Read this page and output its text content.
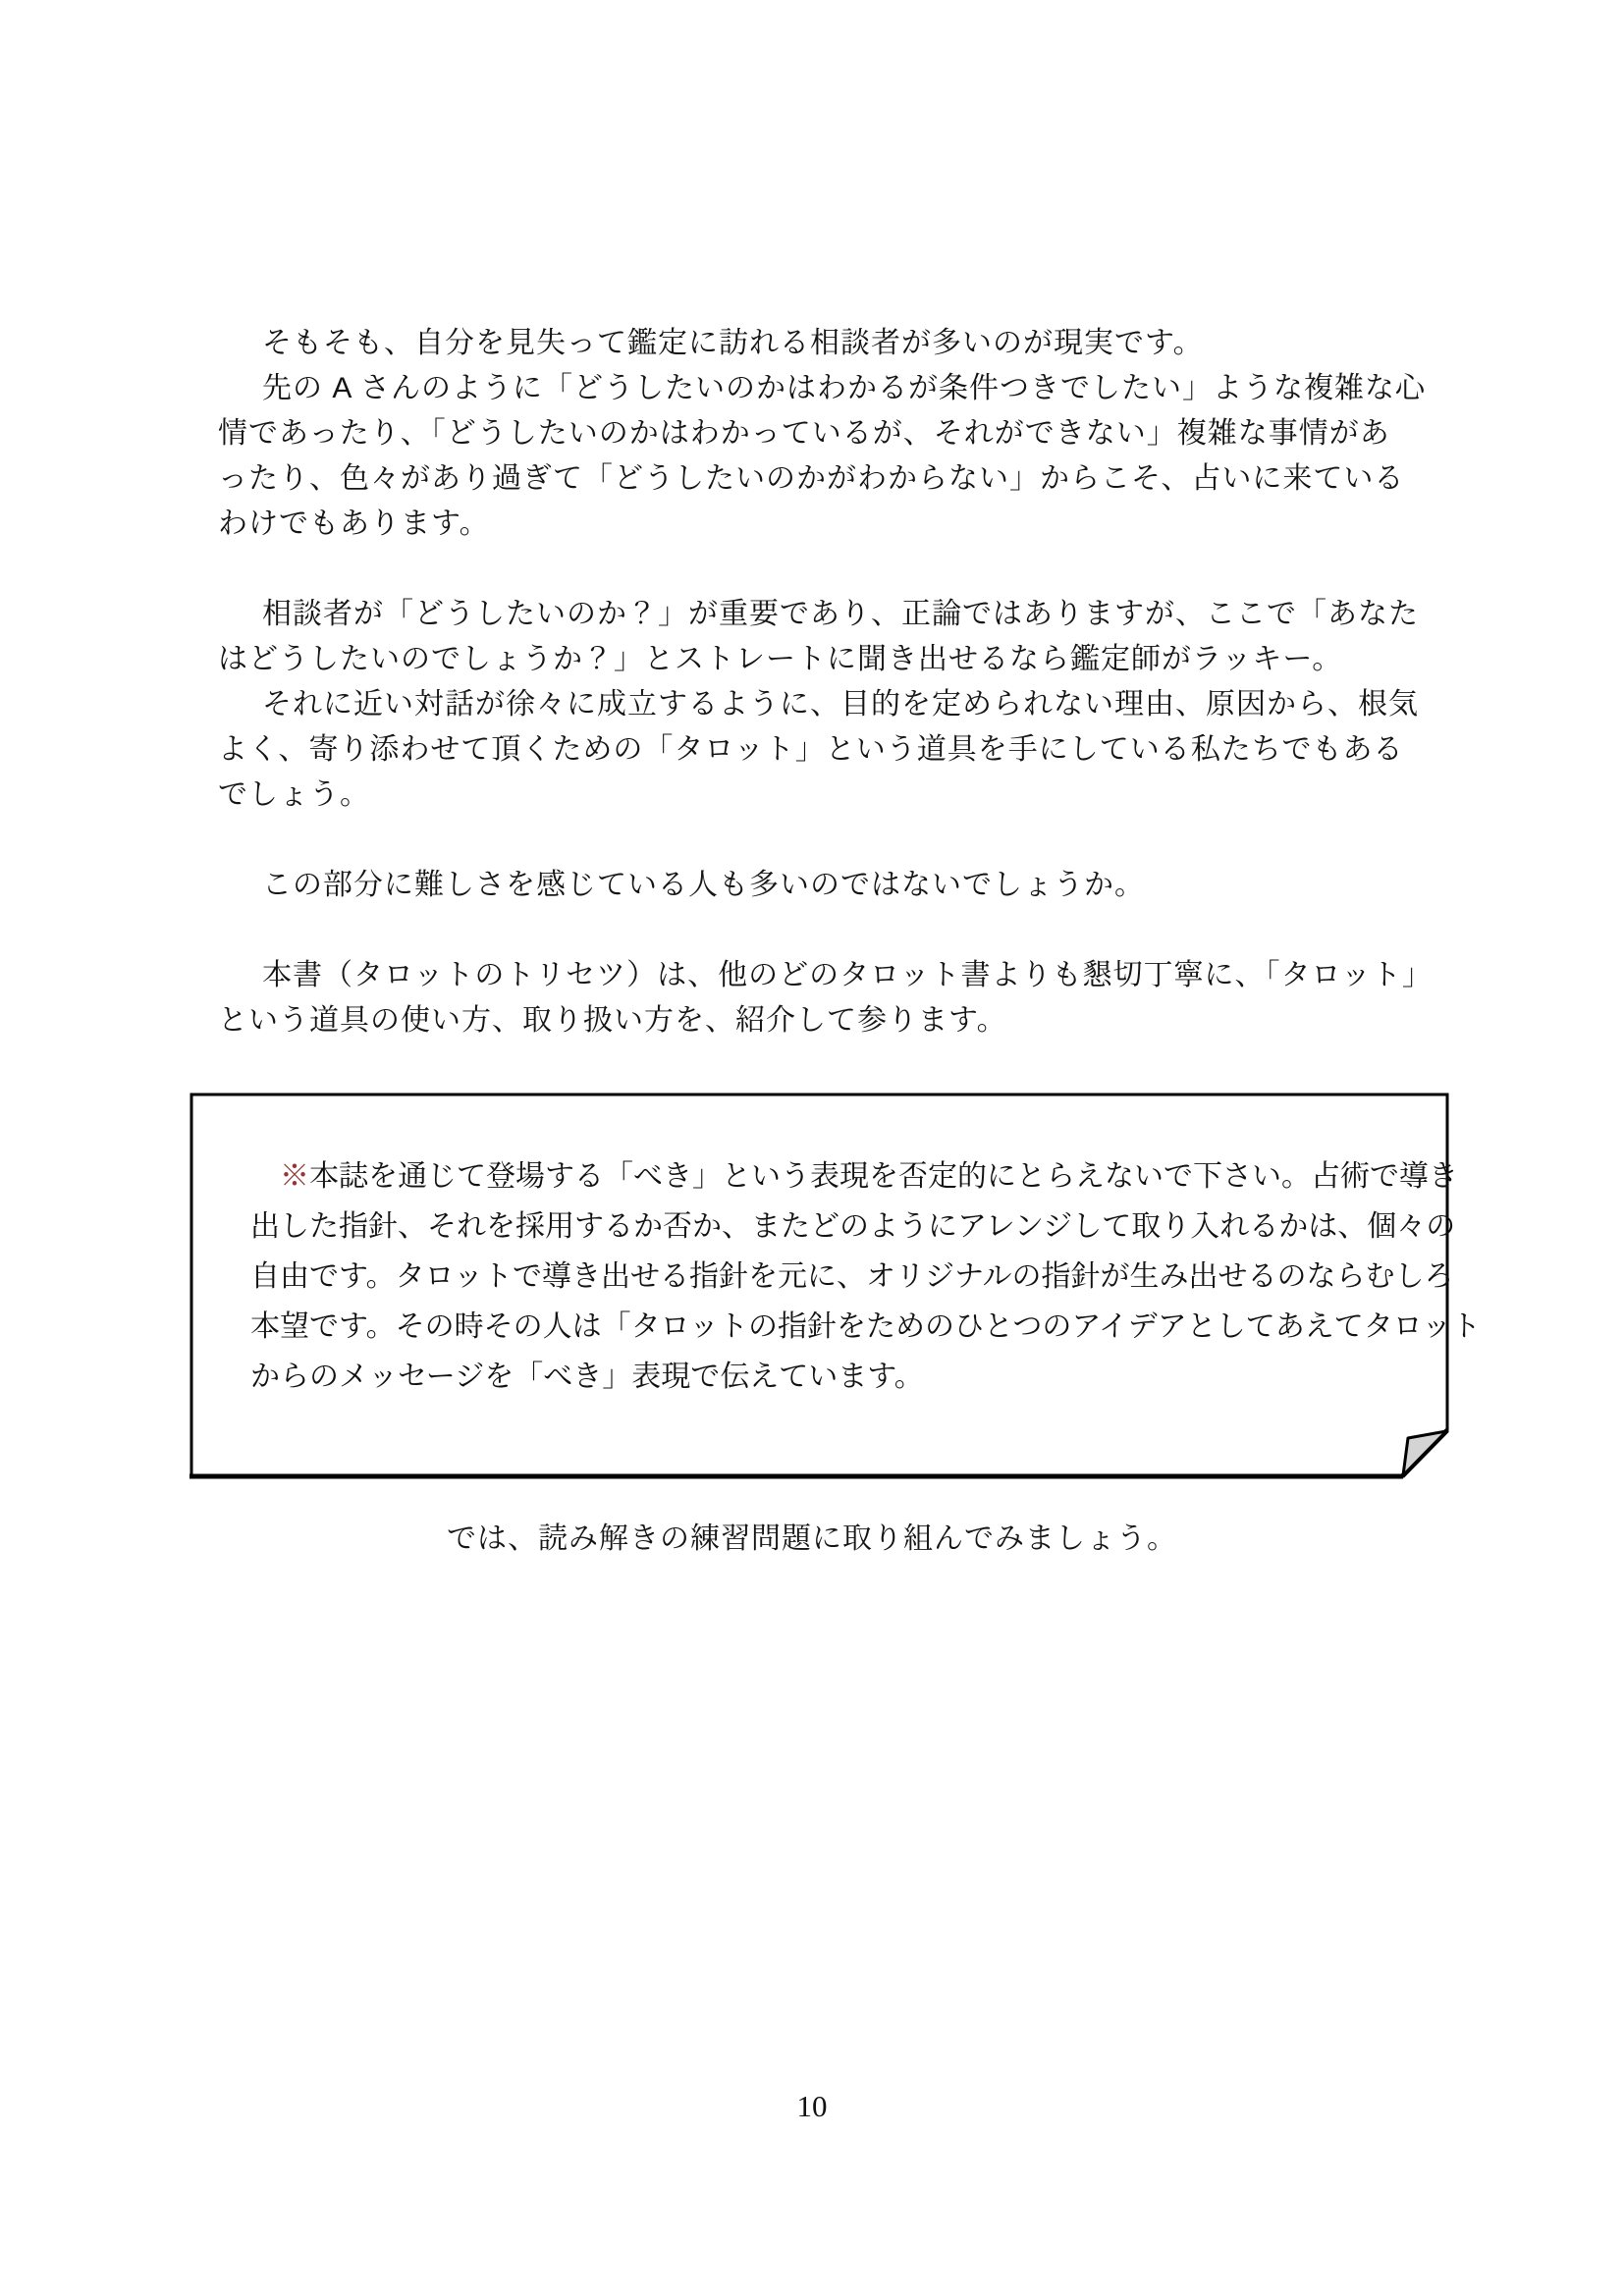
そもそも、自分を見失って鑑定に訪れる相談者が多いのが現実です。
先の A さんのように「どうしたいのかはわかるが条件つきでしたい」ような複雑な心
情であったり、「どうしたいのかはわかっているが、それができない」複雑な事情があ
ったり、色々があり過ぎて「どうしたいのかがわからない」からこそ、占いに来ている
わけでもあります。
相談者が「どうしたいのか？」が重要であり、正論ではありますが、ここで「あなた
はどうしたいのでしょうか？」とストレートに聞き出せるなら鑑定師がラッキー。
それに近い対話が徐々に成立するように、目的を定められない理由、原因から、根気
よく、寄り添わせて頂くための「タロット」という道具を手にしている私たちでもある
でしょう。
この部分に難しさを感じている人も多いのではないでしょうか。
本書（タロットのトリセツ）は、他のどのタロット書よりも懇切丁寧に、「タロット」
という道具の使い方、取り扱い方を、紹介して参ります。
※本誌を通じて登場する「べき」という表現を否定的にとらえないで下さい。占術で導き
出した指針、それを採用するか否か、またどのようにアレンジして取り入れるかは、個々の
自由です。タロットで導き出せる指針を元に、オリジナルの指針が生み出せるのならむしろ
本望です。その時その人は「タロットの指針をためのひとつのアイデアとしてあえてタロット
からのメッセージを「べき」表現で伝えています。
では、読み解きの練習問題に取り組んでみましょう。
10
